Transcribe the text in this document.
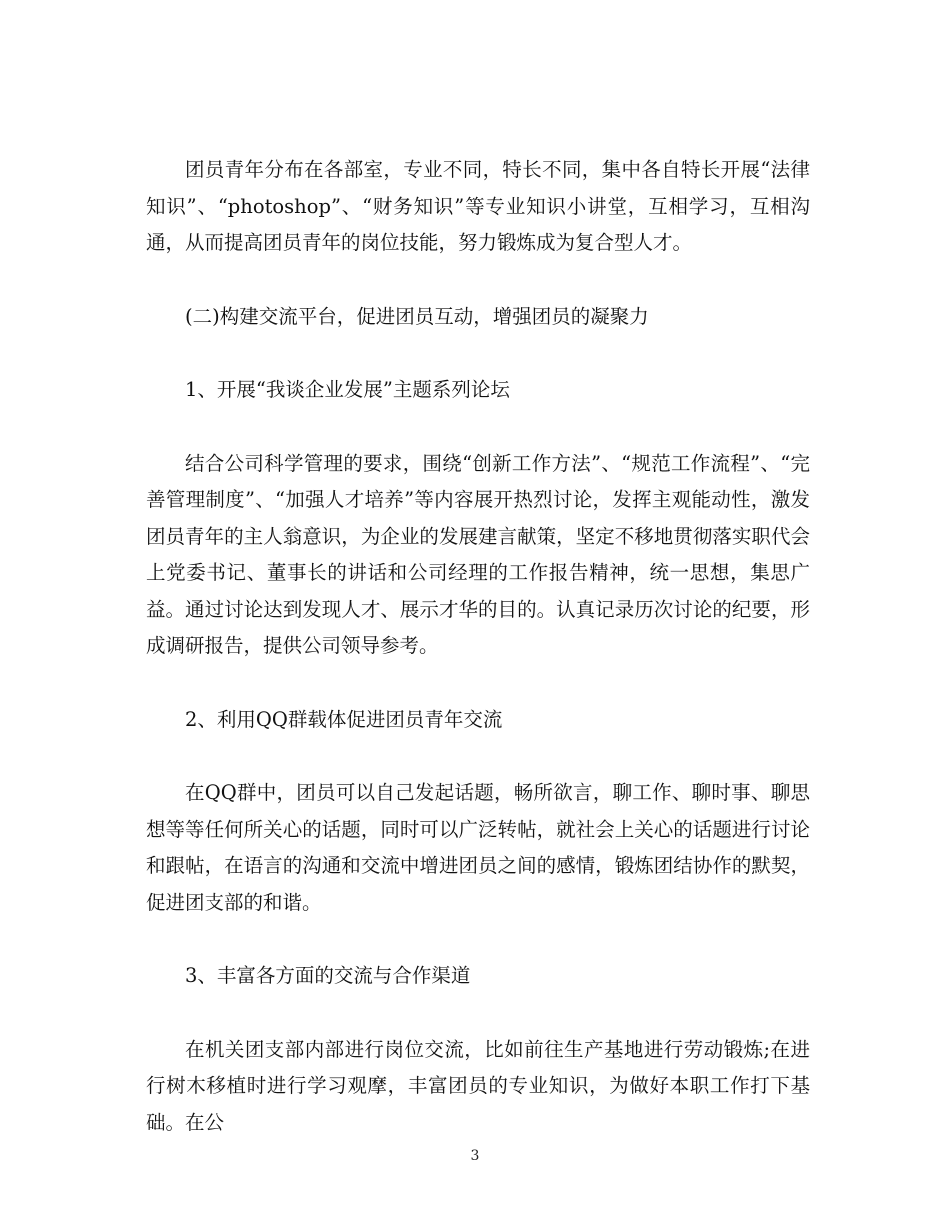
团员青年分布在各部室，专业不同，特长不同，集中各自特长开展“法律知识”、“photoshop”、“财务知识”等专业知识小讲堂，互相学习，互相沟通，从而提高团员青年的岗位技能，努力锻炼成为复合型人才。

(二)构建交流平台，促进团员互动，增强团员的凝聚力

1、开展“我谈企业发展”主题系列论坛

结合公司科学管理的要求，围绕“创新工作方法”、“规范工作流程”、“完善管理制度”、“加强人才培养”等内容展开热烈讨论，发挥主观能动性，激发团员青年的主人翁意识，为企业的发展建言献策，坚定不移地贯彻落实职代会上党委书记、董事长的讲话和公司经理的工作报告精神，统一思想，集思广益。通过讨论达到发现人才、展示才华的目的。认真记录历次讨论的纪要，形成调研报告，提供公司领导参考。

2、利用QQ群载体促进团员青年交流

在QQ群中，团员可以自己发起话题，畅所欲言，聊工作、聊时事、聊思想等等任何所关心的话题，同时可以广泛转帖，就社会上关心的话题进行讨论和跟帖，在语言的沟通和交流中增进团员之间的感情，锻炼团结协作的默契，促进团支部的和谐。

3、丰富各方面的交流与合作渠道

在机关团支部内部进行岗位交流，比如前往生产基地进行劳动锻炼;在进行树木移植时进行学习观摩，丰富团员的专业知识，为做好本职工作打下基础。在公

3
